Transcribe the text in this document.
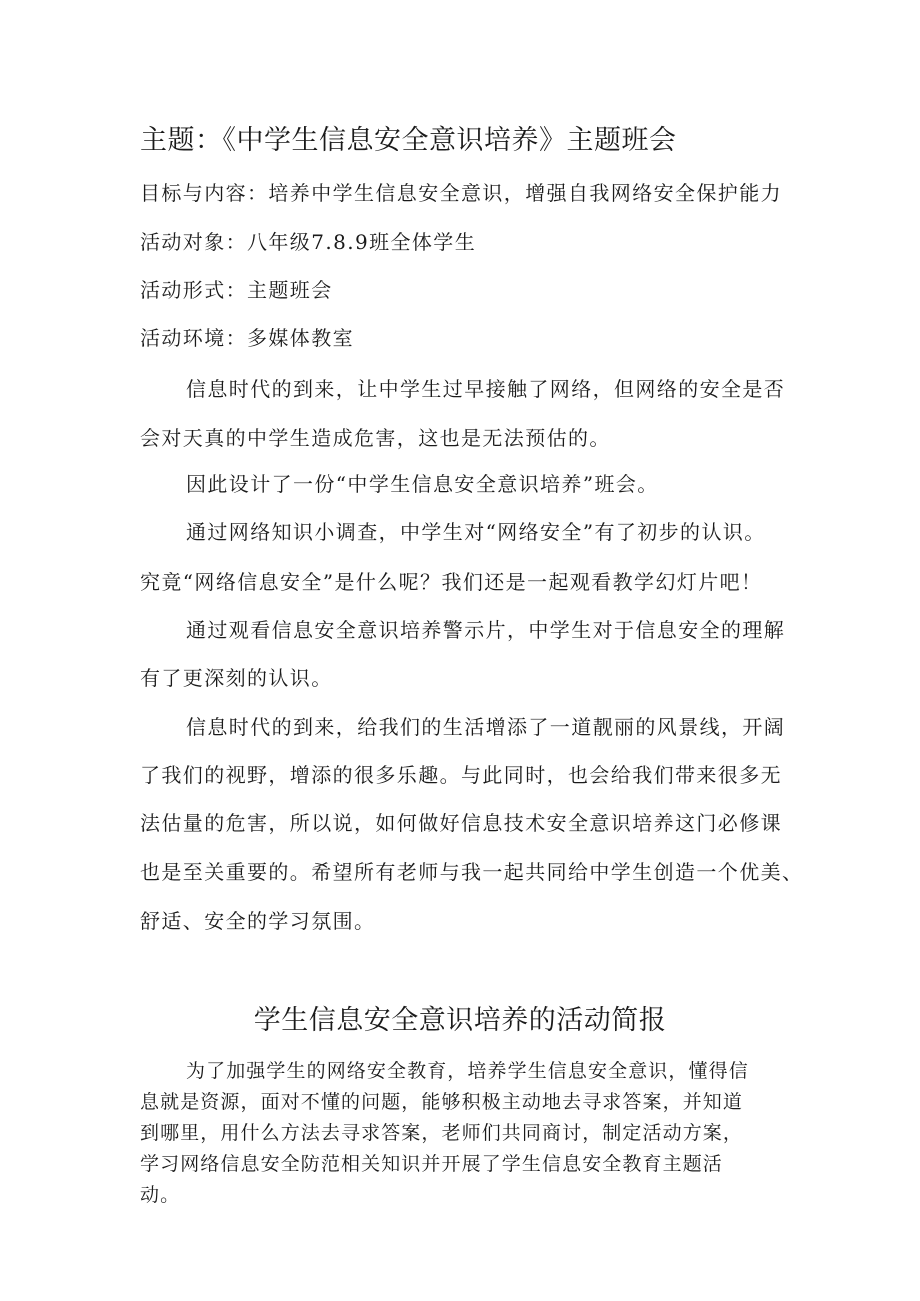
主题：《中学生信息安全意识培养》主题班会
目标与内容：培养中学生信息安全意识，增强自我网络安全保护能力
活动对象：八年级7.8.9班全体学生
活动形式：主题班会
活动环境：多媒体教室
信息时代的到来，让中学生过早接触了网络，但网络的安全是否
会对天真的中学生造成危害，这也是无法预估的。
因此设计了一份“中学生信息安全意识培养”班会。
通过网络知识小调查，中学生对“网络安全”有了初步的认识。
究竟“网络信息安全”是什么呢？我们还是一起观看教学幻灯片吧！
通过观看信息安全意识培养警示片，中学生对于信息安全的理解
有了更深刻的认识。
信息时代的到来，给我们的生活增添了一道靓丽的风景线，开阔
了我们的视野，增添的很多乐趣。与此同时，也会给我们带来很多无
法估量的危害，所以说，如何做好信息技术安全意识培养这门必修课
也是至关重要的。希望所有老师与我一起共同给中学生创造一个优美、
舒适、安全的学习氛围。
学生信息安全意识培养的活动简报
为了加强学生的网络安全教育，培养学生信息安全意识，懂得信
息就是资源，面对不懂的问题，能够积极主动地去寻求答案，并知道
到哪里，用什么方法去寻求答案，老师们共同商讨，制定活动方案，
学习网络信息安全防范相关知识并开展了学生信息安全教育主题活
动。
